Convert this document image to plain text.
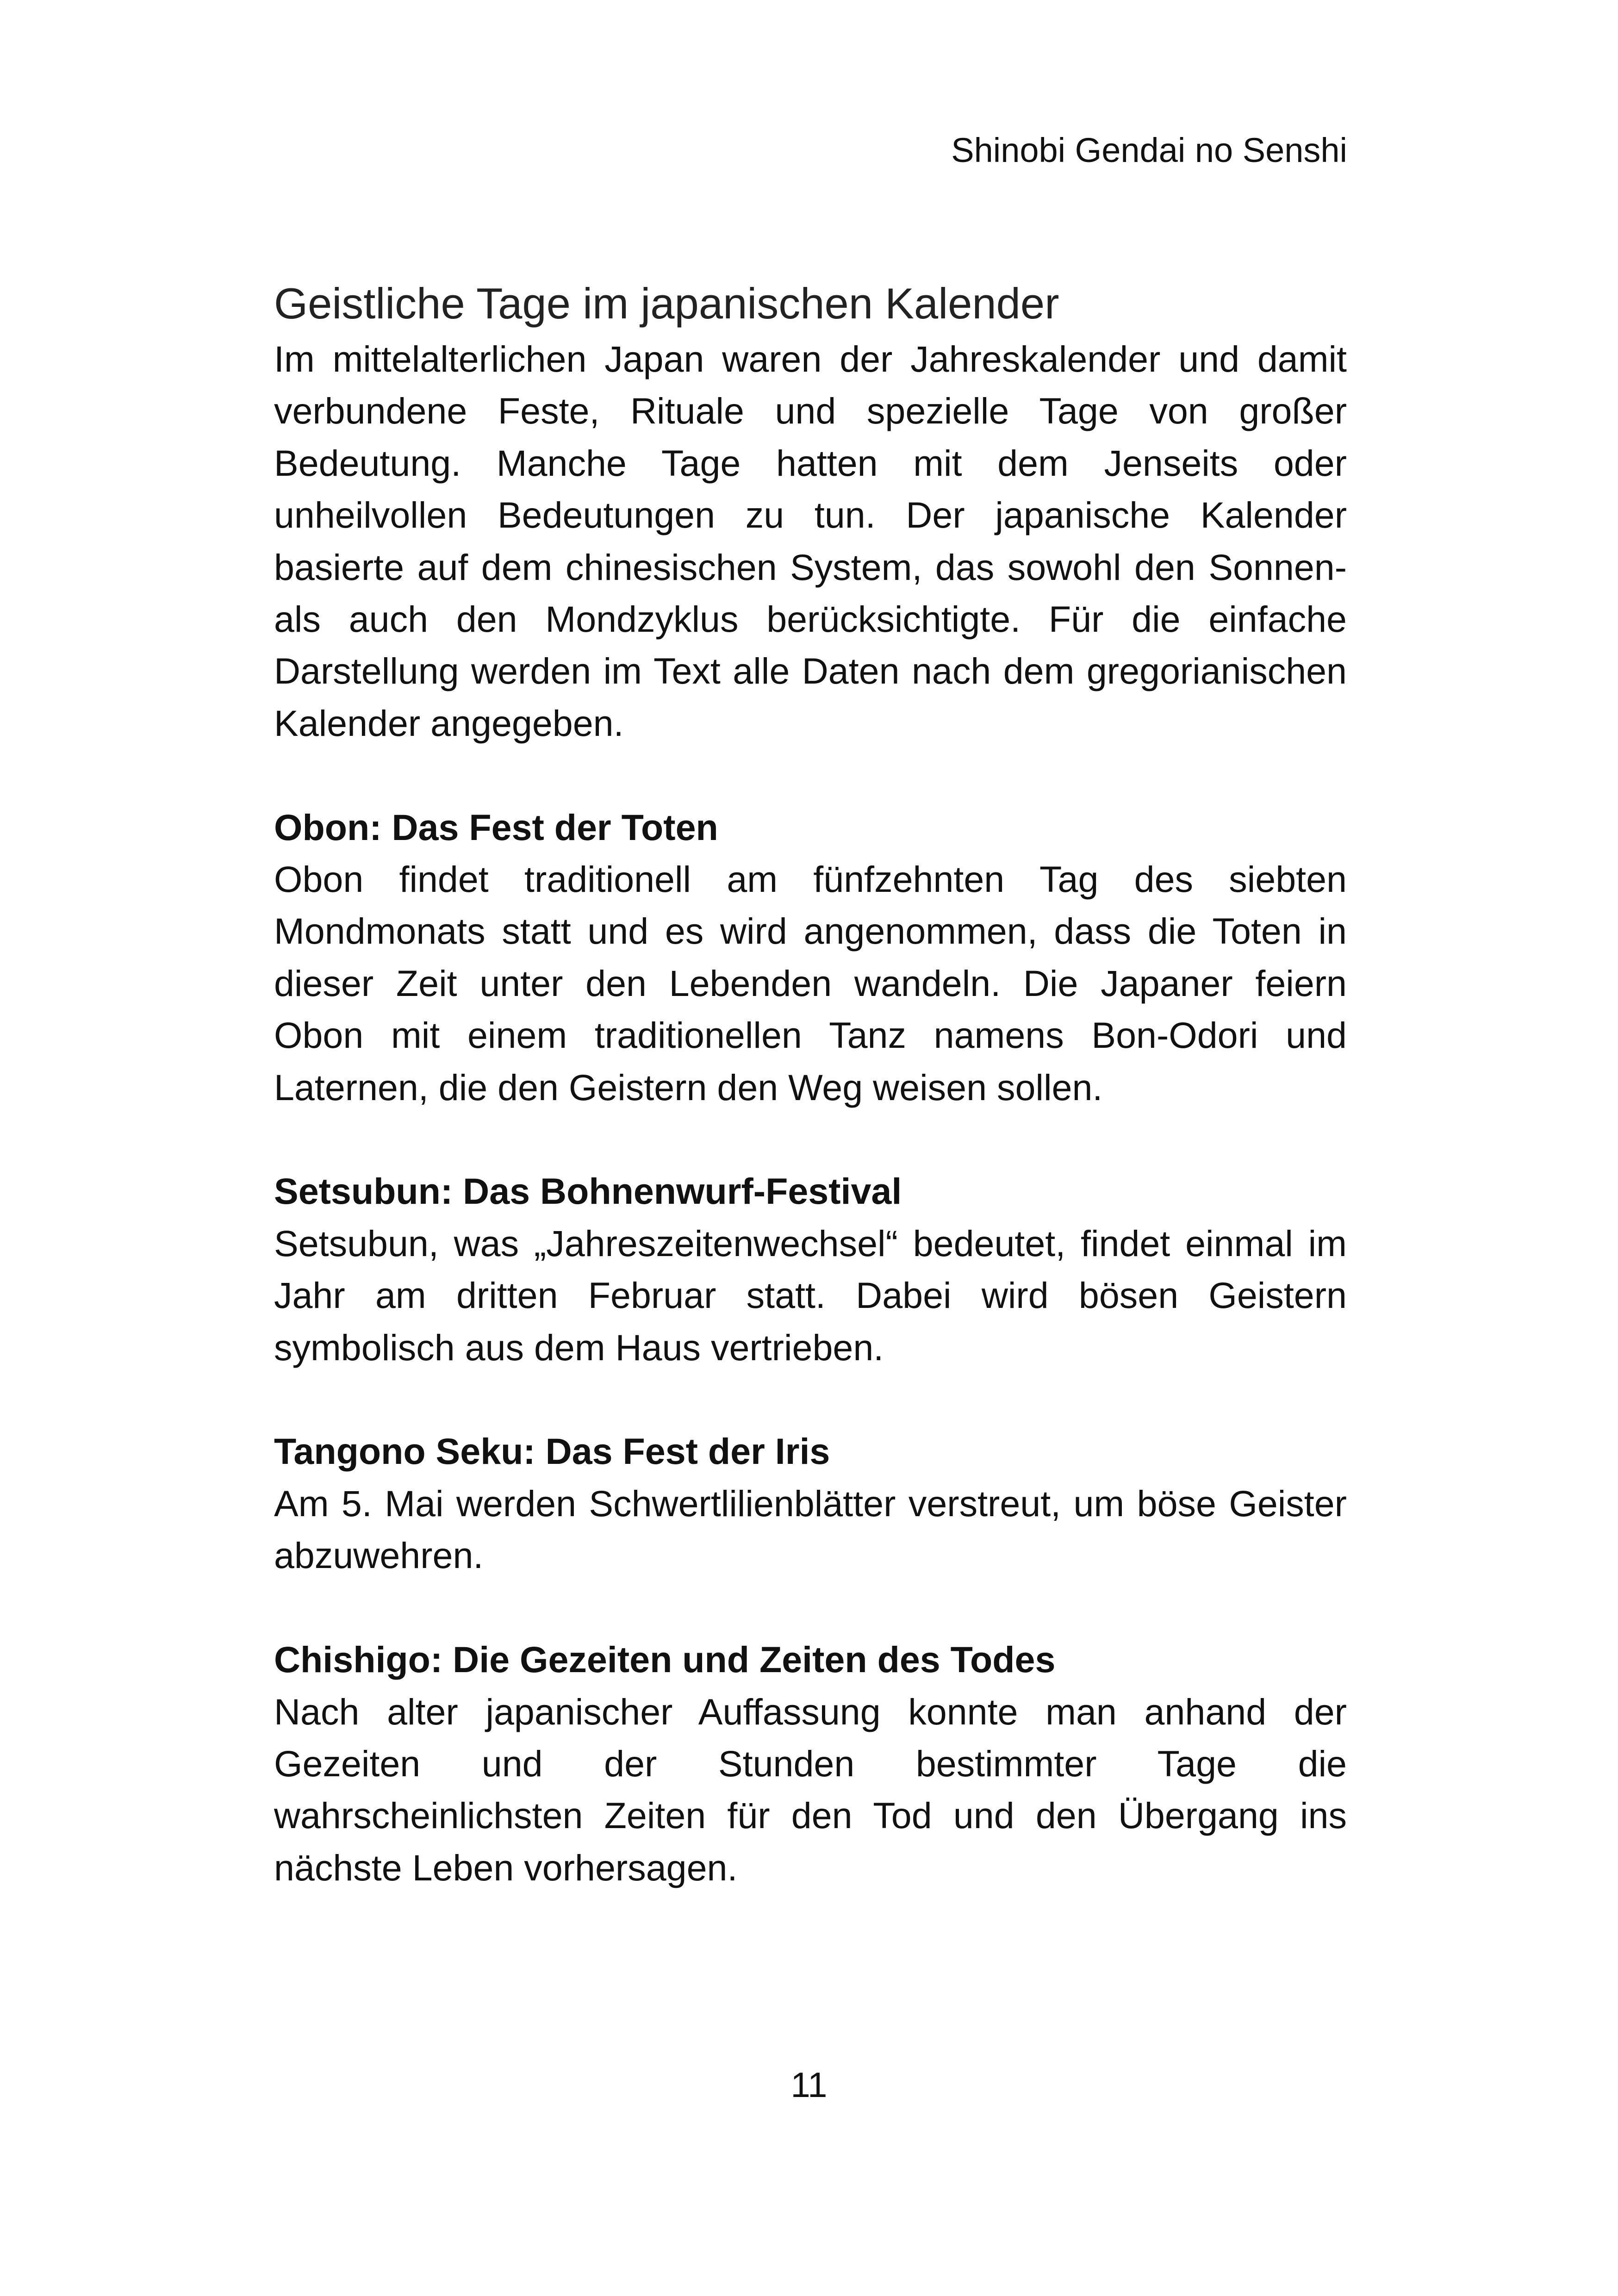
Shinobi Gendai no Senshi
Geistliche Tage im japanischen Kalender

Im mittelalterlichen Japan waren der Jahreskalender und damit verbundene Feste, Rituale und spezielle Tage von großer Bedeutung. Manche Tage hatten mit dem Jenseits oder unheilvollen Bedeutungen zu tun. Der japanische Kalender basierte auf dem chinesischen System, das sowohl den Sonnen- als auch den Mondzyklus berücksichtigte. Für die einfache Darstellung werden im Text alle Daten nach dem gregorianischen Kalender angegeben.

Obon: Das Fest der Toten

Obon findet traditionell am fünfzehnten Tag des siebten Mondmonats statt und es wird angenommen, dass die Toten in dieser Zeit unter den Lebenden wandeln. Die Japaner feiern Obon mit einem traditionellen Tanz namens Bon-Odori und Laternen, die den Geistern den Weg weisen sollen.

Setsubun: Das Bohnenwurf-Festival

Setsubun, was „Jahreszeitenwechsel“ bedeutet, findet einmal im Jahr am dritten Februar statt. Dabei wird bösen Geistern symbolisch aus dem Haus vertrieben.

Tangono Seku: Das Fest der Iris

Am 5. Mai werden Schwertlilienblätter verstreut, um böse Geister abzuwehren.

Chishigo: Die Gezeiten und Zeiten des Todes

Nach alter japanischer Auffassung konnte man anhand der Gezeiten und der Stunden bestimmter Tage die wahrscheinlichsten Zeiten für den Tod und den Übergang ins nächste Leben vorhersagen.

11
